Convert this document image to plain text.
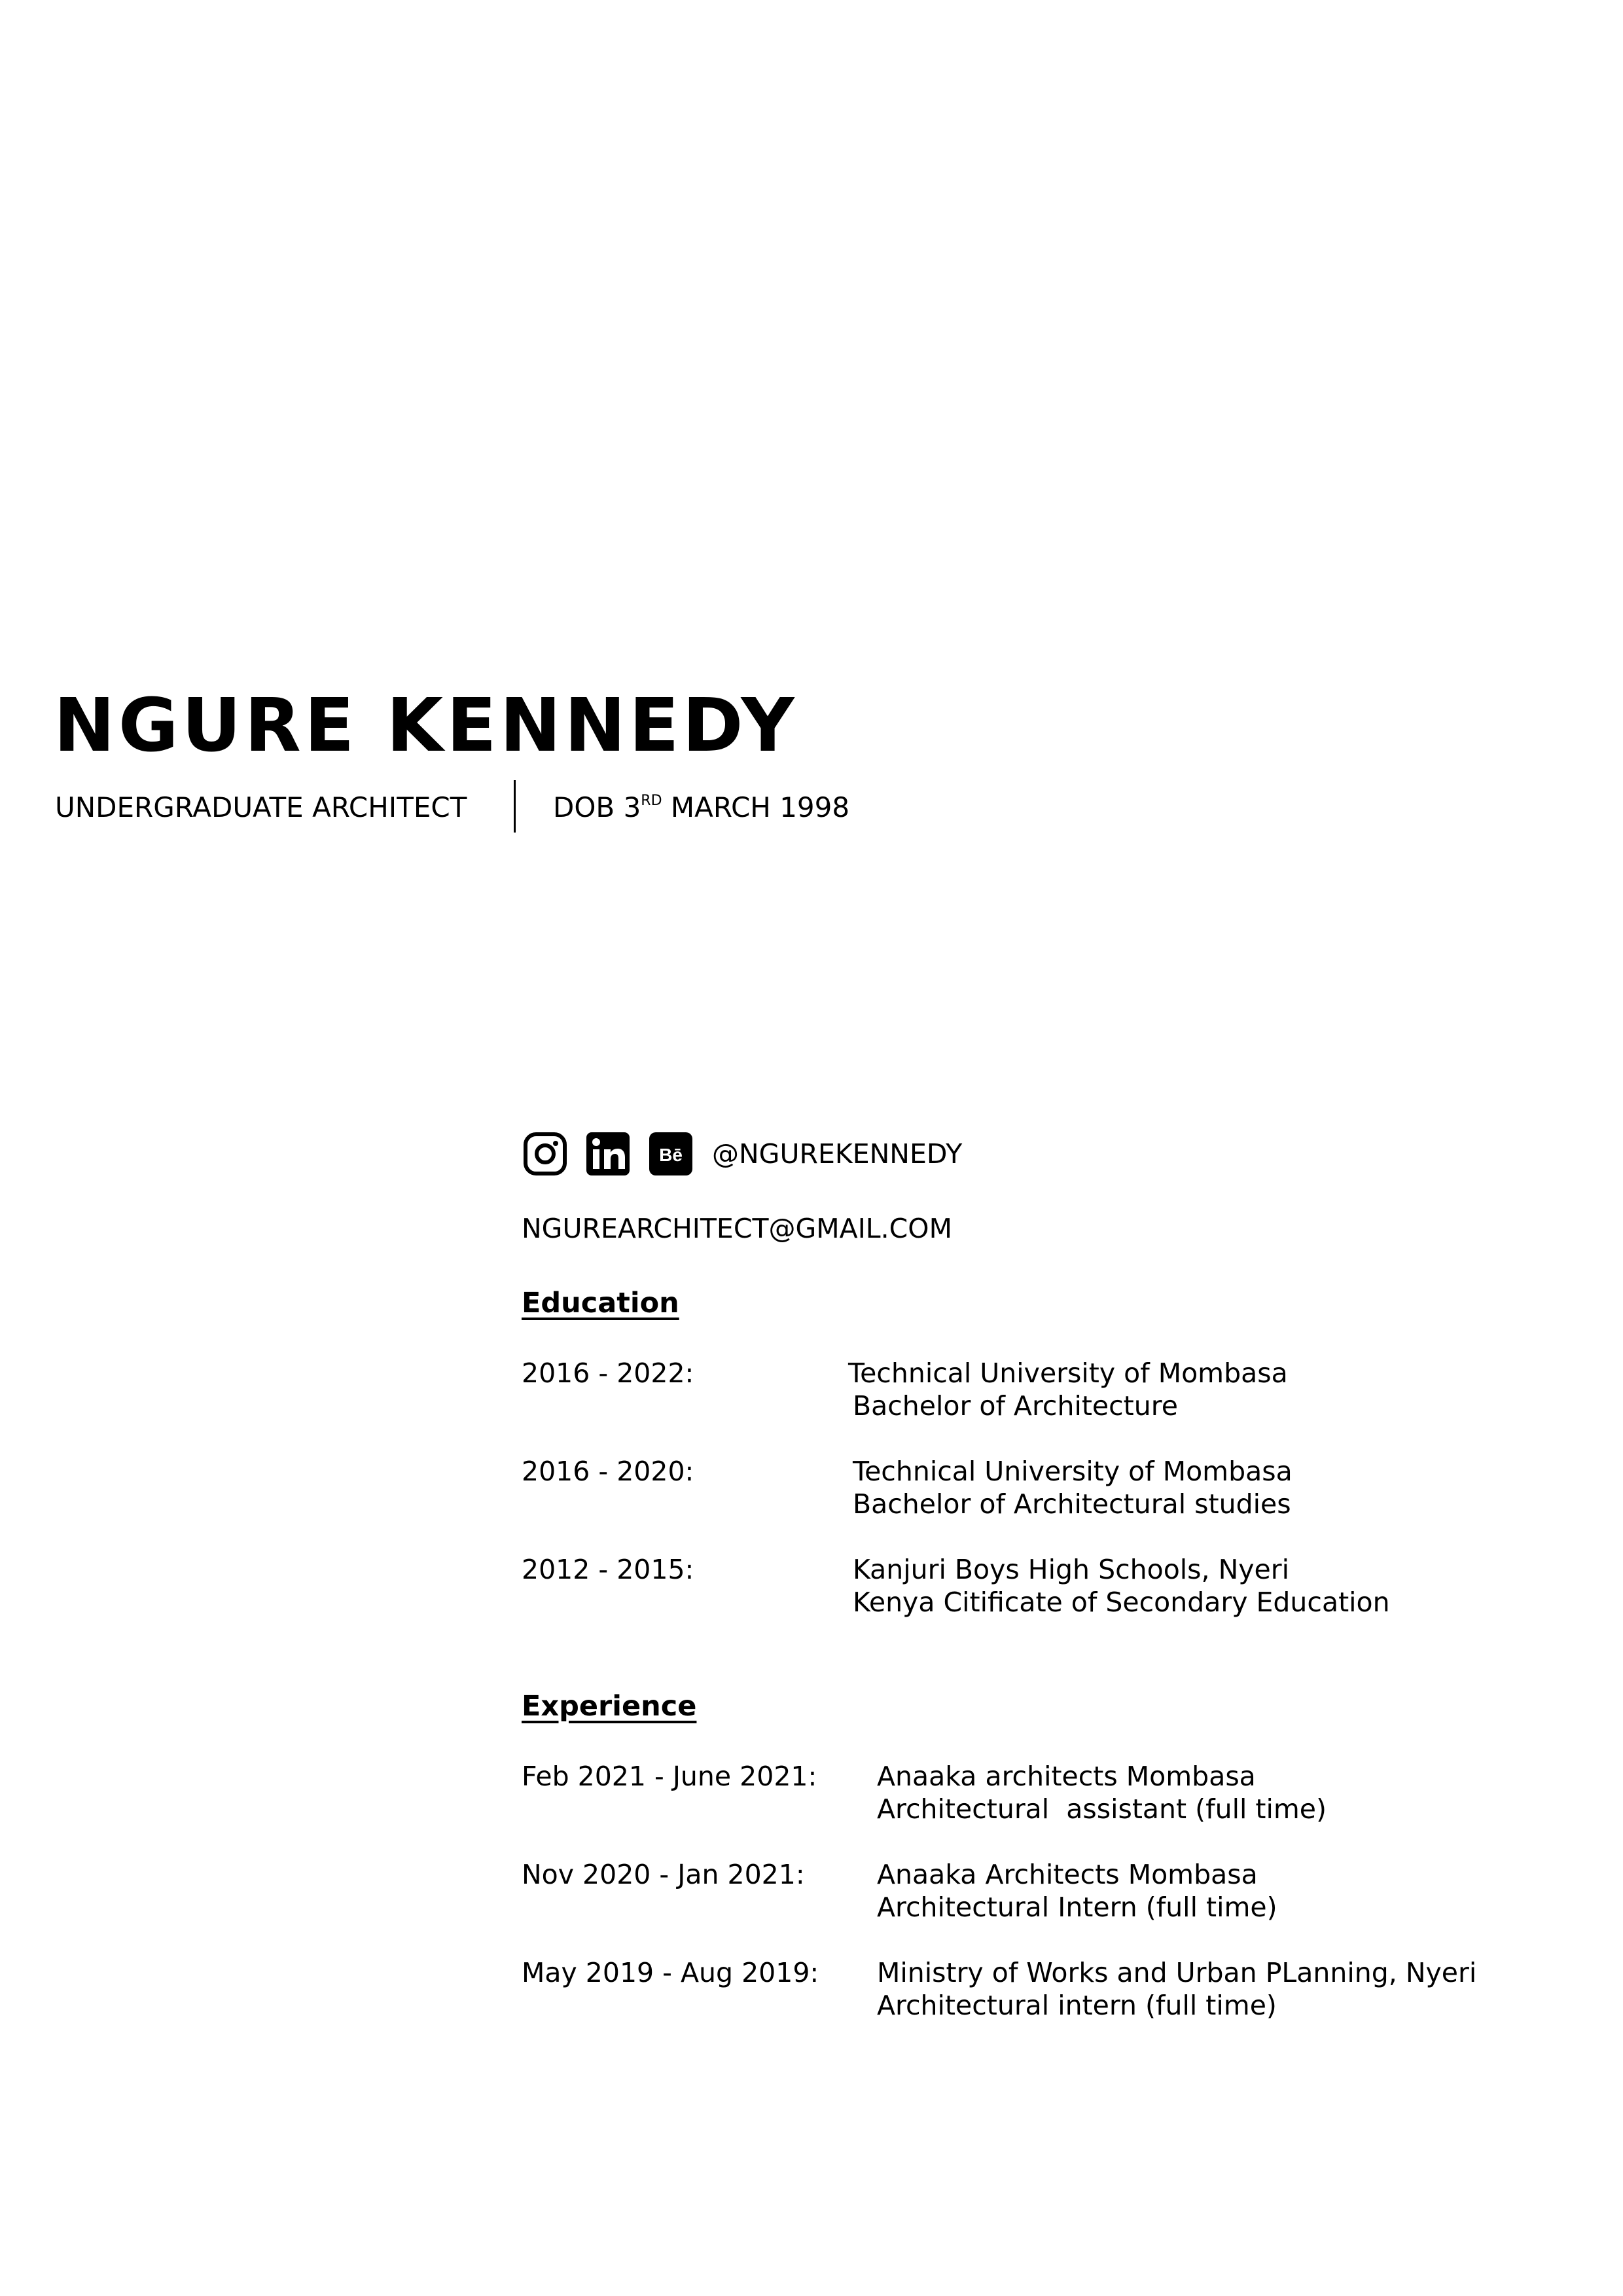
NGURE KENNEDY
UNDERGRADUATE ARCHITECT	DOB 3RD MARCH 1998
Bē @NGUREKENNEDY
NGUREARCHITECT@GMAIL.COM
Education
2016 - 2022:	Technical University of Mombasa
Bachelor of Architecture
2016 - 2020:	Technical University of Mombasa
Bachelor of Architectural studies
2012 - 2015:	Kanjuri Boys High Schools, Nyeri
Kenya Citificate of Secondary Education
Experience
Feb 2021 - June 2021: Anaaka architects Mombasa
Architectural  assistant (full time)
Nov 2020 - Jan 2021:	Anaaka Architects Mombasa
Architectural Intern (full time)
May 2019 - Aug 2019: Ministry of Works and Urban PLanning, Nyeri
Architectural intern (full time)
